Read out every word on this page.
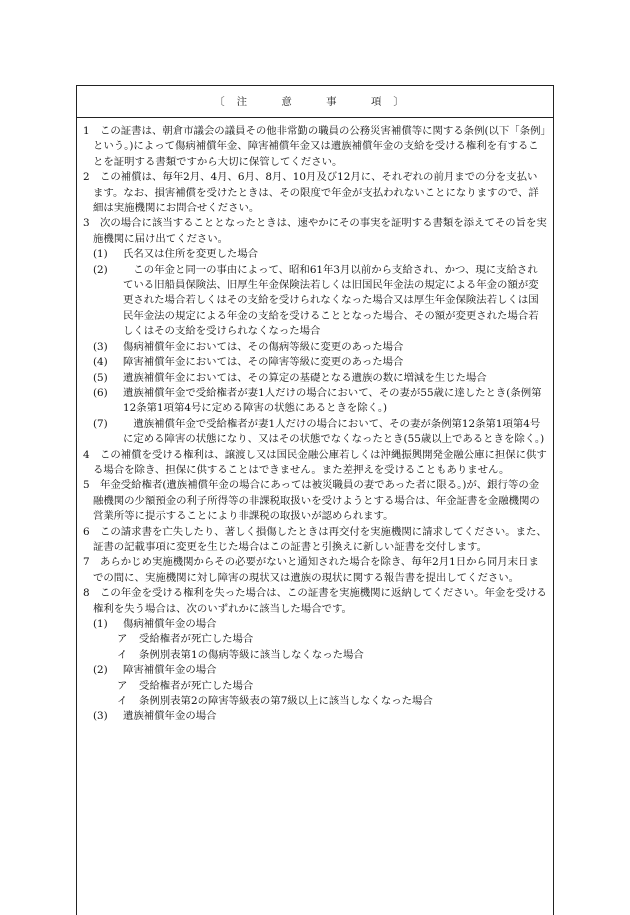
〔注　意　事　項〕
1　 この証書は、朝倉市議会の議員その他非常勤の職員の公務災害補償等に関する条例(以下「条例」という。)によって傷病補償年金、障害補償年金又は遺族補償年金の支給を受ける権利を有することを証明する書類ですから大切に保管してください。
2　 この補償は、毎年2月、4月、6月、8月、10月及び12月に、それぞれの前月までの分を支払います。なお、損害補償を受けたときは、その限度で年金が支払われないことになりますので、詳細は実施機関にお問合せください。
3　 次の場合に該当することとなったときは、速やかにその事実を証明する書類を添えてその旨を実施機関に届け出てください。
(1) 氏名又は住所を変更した場合
(2)
　 この年金と同一の事由によって、昭和61年3月以前から支給され、かつ、現に支給されている旧船員保険法、旧厚生年金保険法若しくは旧国民年金法の規定による年金の額が変更された場合若しくはその支給を受けられなくなった場合又は厚生年金保険法若しくは国民年金法の規定による年金の支給を受けることとなった場合、その額が変更された場合若しくはその支給を受けられなくなった場合
(3) 傷病補償年金においては、その傷病等級に変更のあった場合
(4) 障害補償年金においては、その障害等級に変更のあった場合
(5) 遺族補償年金においては、その算定の基礎となる遺族の数に増減を生じた場合
(6) 遺族補償年金で受給権者が妻1人だけの場合において、その妻が55歳に達したとき(条例第12条第1項第4号に定める障害の状態にあるときを除く。)
(7)
　 遺族補償年金で受給権者が妻1人だけの場合において、その妻が条例第12条第1項第4号に定める障害の状態になり、又はその状態でなくなったとき(55歳以上であるときを除く。)
4　 この補償を受ける権利は、譲渡し又は国民金融公庫若しくは沖縄振興開発金融公庫に担保に供する場合を除き、担保に供することはできません。また差押えを受けることもありません。
5　 年金受給権者(遺族補償年金の場合にあっては被災職員の妻であった者に限る。)が、銀行等の金融機関の少額預金の利子所得等の非課税取扱いを受けようとする場合は、年金証書を金融機関の営業所等に提示することにより非課税の取扱いが認められます。
6　 この請求書を亡失したり、著しく損傷したときは再交付を実施機関に請求してください。また、証書の記載事項に変更を生じた場合はこの証書と引換えに新しい証書を交付します。
7　 あらかじめ実施機関からその必要がないと通知された場合を除き、毎年2月1日から同月末日までの間に、実施機関に対し障害の現状又は遺族の現状に関する報告書を提出してください。
8　 この年金を受ける権利を失った場合は、この証書を実施機関に返納してください。年金を受ける権利を失う場合は、次のいずれかに該当した場合です。
(1) 傷病補償年金の場合
ア 受給権者が死亡した場合
イ 条例別表第1の傷病等級に該当しなくなった場合
(2) 障害補償年金の場合
ア 受給権者が死亡した場合
イ 条例別表第2の障害等級表の第7級以上に該当しなくなった場合
(3) 遺族補償年金の場合
